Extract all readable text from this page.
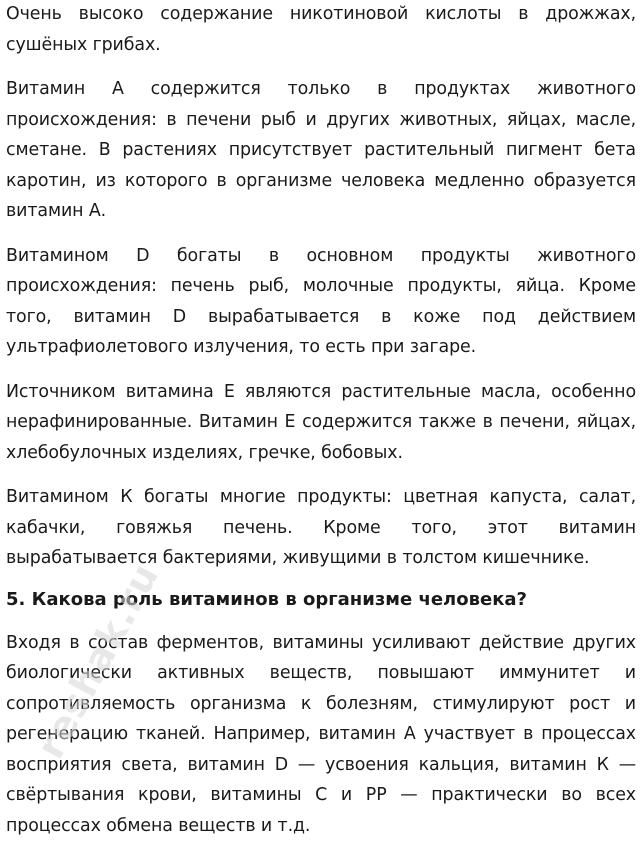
Очень высоко содержание никотиновой кислоты в дрожжах, сушёных грибах.

Витамин А содержится только в продуктах животного происхождения: в печени рыб и других животных, яйцах, масле, сметане. В растениях присутствует растительный пигмент бета каротин, из которого в организме человека медленно образуется витамин А.

Витамином D богаты в основном продукты животного происхождения: печень рыб, молочные продукты, яйца. Кроме того, витамин D вырабатывается в коже под действием ультрафиолетового излучения, то есть при загаре.

Источником витамина Е являются растительные масла, особенно нерафинированные. Витамин Е содержится также в печени, яйцах, хлебобулочных изделиях, гречке, бобовых.

Витамином К богаты многие продукты: цветная капуста, салат, кабачки, говяжья печень. Кроме того, этот витамин вырабатывается бактериями, живущими в толстом кишечнике.

5. Какова роль витаминов в организме человека?

Входя в состав ферментов, витамины усиливают действие других биологически активных веществ, повышают иммунитет и сопротивляемость организма к болезням, стимулируют рост и регенерацию тканей. Например, витамин А участвует в процессах восприятия света, витамин D — усвоения кальция, витамин К — свёртывания крови, витамины С и РР — практически во всех процессах обмена веществ и т.д.

reshak.ru
